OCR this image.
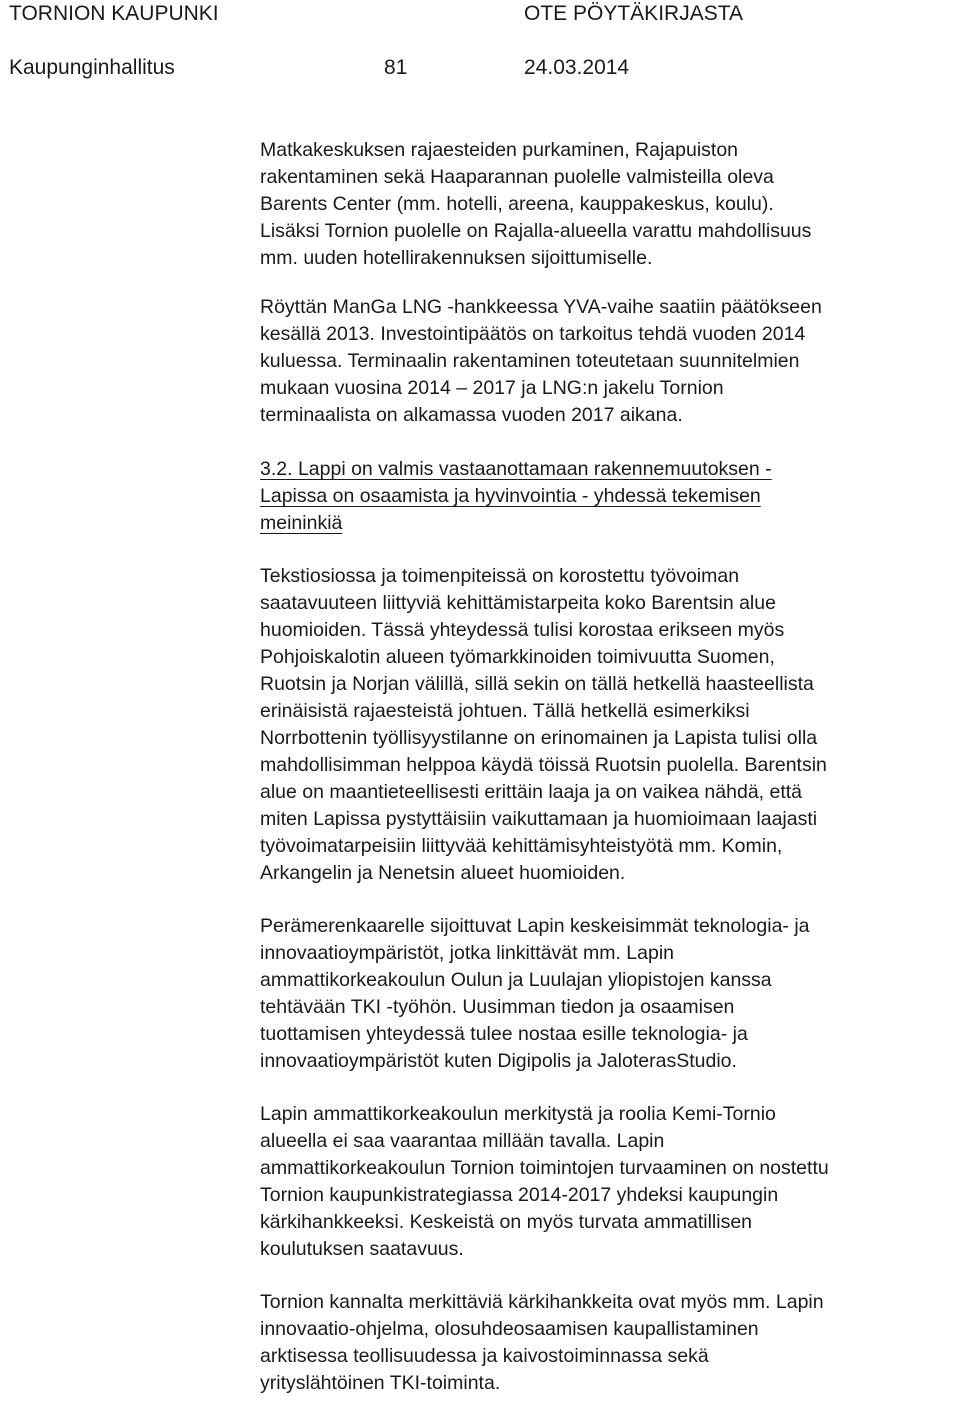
TORNION KAUPUNKI	OTE PÖYTÄKIRJASTA
Kaupunginhallitus	81	24.03.2014

Matkakeskuksen rajaesteiden purkaminen, Rajapuiston
rakentaminen sekä Haaparannan puolelle valmisteilla oleva
Barents Center (mm. hotelli, areena, kauppakeskus, koulu).
Lisäksi Tornion puolelle on Rajalla-alueella varattu mahdollisuus
mm. uuden hotellirakennuksen sijoittumiselle.

Röyttän ManGa LNG -hankkeessa YVA-vaihe saatiin päätökseen
kesällä 2013. Investointipäätös on tarkoitus tehdä vuoden 2014
kuluessa. Terminaalin rakentaminen toteutetaan suunnitelmien
mukaan vuosina 2014 – 2017 ja LNG:n jakelu Tornion
terminaalista on alkamassa vuoden 2017 aikana.

3.2. Lappi on valmis vastaanottamaan rakennemuutoksen -
Lapissa on osaamista ja hyvinvointia - yhdessä tekemisen
meininkiä

Tekstiosiossa ja toimenpiteissä on korostettu työvoiman
saatavuuteen liittyviä kehittämistarpeita koko Barentsin alue
huomioiden. Tässä yhteydessä tulisi korostaa erikseen myös
Pohjoiskalotin alueen työmarkkinoiden toimivuutta Suomen,
Ruotsin ja Norjan välillä, sillä sekin on tällä hetkellä haasteellista
erinäisistä rajaesteistä johtuen. Tällä hetkellä esimerkiksi
Norrbottenin työllisyystilanne on erinomainen ja Lapista tulisi olla
mahdollisimman helppoa käydä töissä Ruotsin puolella. Barentsin
alue on maantieteellisesti erittäin laaja ja on vaikea nähdä, että
miten Lapissa pystyttäisiin vaikuttamaan ja huomioimaan laajasti
työvoimatarpeisiin liittyvää kehittämisyhteistyötä mm. Komin,
Arkangelin ja Nenetsin alueet huomioiden.

Perämerenkaarelle sijoittuvat Lapin keskeisimmät teknologia- ja
innovaatioympäristöt, jotka linkittävät mm. Lapin
ammattikorkeakoulun Oulun ja Luulajan yliopistojen kanssa
tehtävään TKI -työhön. Uusimman tiedon ja osaamisen
tuottamisen yhteydessä tulee nostaa esille teknologia- ja
innovaatioympäristöt kuten Digipolis ja JaloterasStudio.

Lapin ammattikorkeakoulun merkitystä ja roolia Kemi-Tornio
alueella ei saa vaarantaa millään tavalla. Lapin
ammattikorkeakoulun Tornion toimintojen turvaaminen on nostettu
Tornion kaupunkistrategiassa 2014-2017 yhdeksi kaupungin
kärkihankkeeksi. Keskeistä on myös turvata ammatillisen
koulutuksen saatavuus.

Tornion kannalta merkittäviä kärkihankkeita ovat myös mm. Lapin
innovaatio-ohjelma, olosuhdeosaamisen kaupallistaminen
arktisessa teollisuudessa ja kaivostoiminnassa sekä
yrityslähtöinen TKI-toiminta.
